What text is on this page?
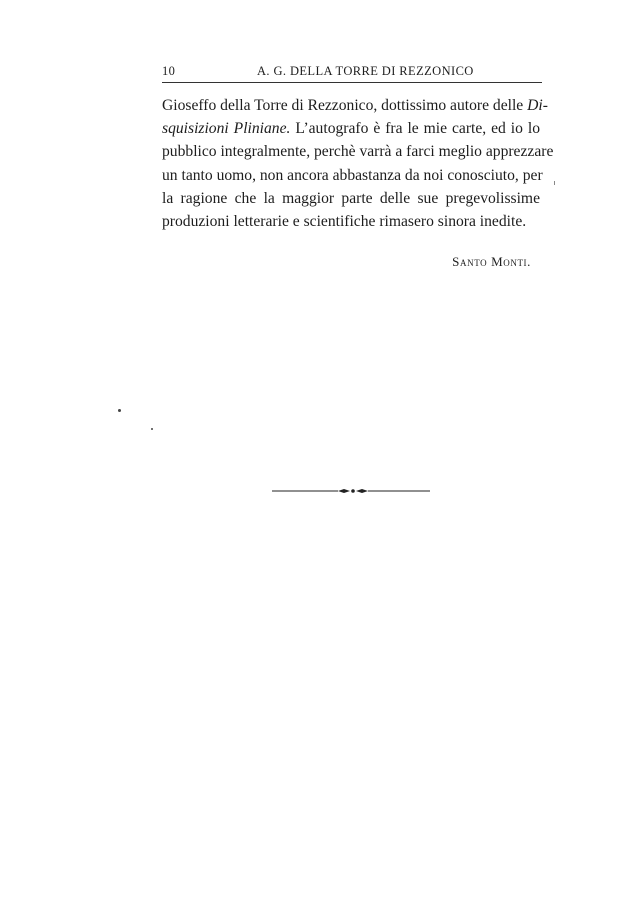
10	A. G. DELLA TORRE DI REZZONICO
Gioseffo della Torre di Rezzonico, dottissimo autore delle Di-
squisizioni Pliniane. L’autografo è fra le mie carte, ed io lo
pubblico integralmente, perchè varrà a farci meglio apprezzare
un tanto uomo, non ancora abbastanza da noi conosciuto, per
la ragione che la maggior parte delle sue pregevolissime
produzioni letterarie e scientifiche rimasero sinora inedite.
Santo Monti.
